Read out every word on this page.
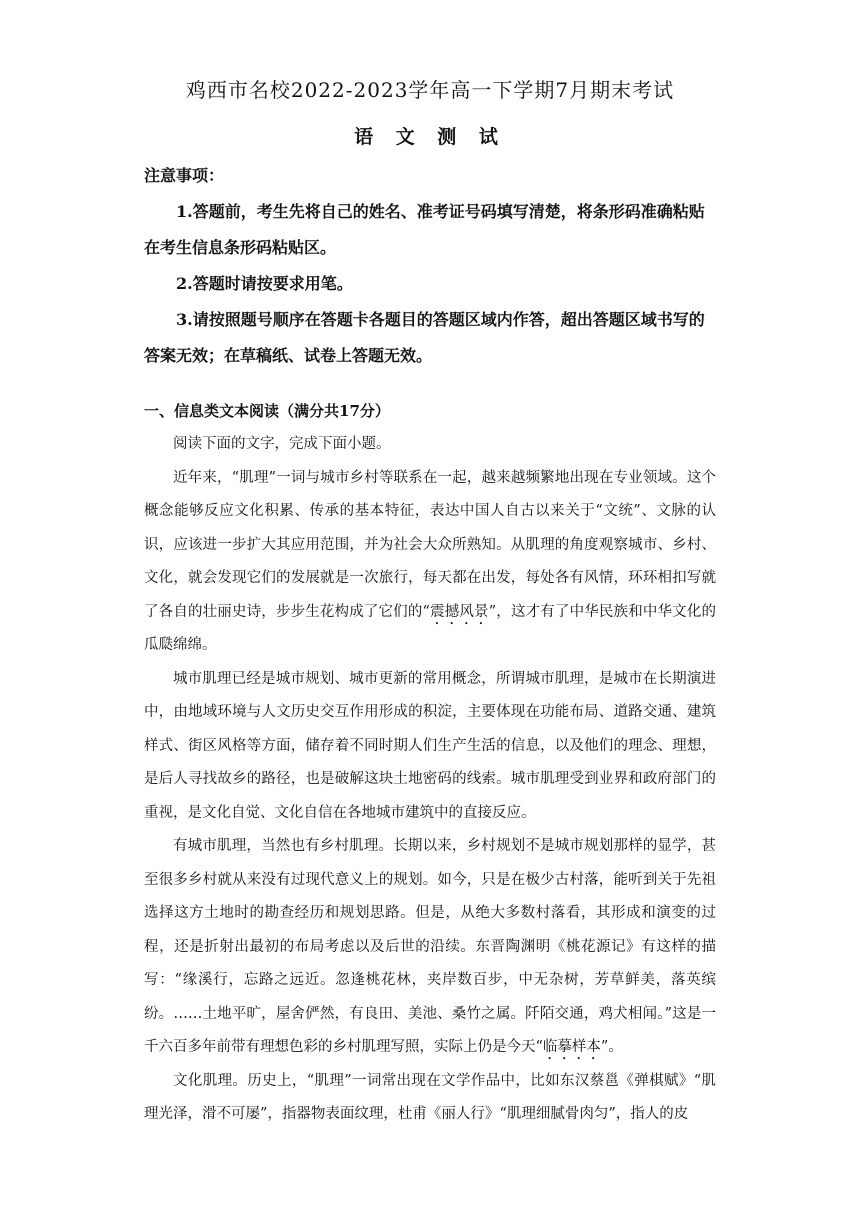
鸡西市名校2022-2023学年高一下学期7月期末考试
语 文 测 试
注意事项：

1.答题前，考生先将自己的姓名、准考证号码填写清楚，将条形码准确粘贴在考生信息条形码粘贴区。

2.答题时请按要求用笔。

3.请按照题号顺序在答题卡各题目的答题区域内作答，超出答题区域书写的答案无效；在草稿纸、试卷上答题无效。

一、信息类文本阅读（满分共17分）

阅读下面的文字，完成下面小题。

近年来，“肌理”一词与城市乡村等联系在一起，越来越频繁地出现在专业领域。这个概念能够反应文化积累、传承的基本特征，表达中国人自古以来关于“文统”、文脉的认识，应该进一步扩大其应用范围，并为社会大众所熟知。从肌理的角度观察城市、乡村、文化，就会发现它们的发展就是一次旅行，每天都在出发，每处各有风情，环环相扣写就了各自的壮丽史诗，步步生花构成了它们的“震撼风景”，这才有了中华民族和中华文化的瓜瓞绵绵。

城市肌理已经是城市规划、城市更新的常用概念，所谓城市肌理，是城市在长期演进中，由地域环境与人文历史交互作用形成的积淀，主要体现在功能布局、道路交通、建筑样式、街区风格等方面，储存着不同时期人们生产生活的信息，以及他们的理念、理想，是后人寻找故乡的路径，也是破解这块土地密码的线索。城市肌理受到业界和政府部门的重视，是文化自觉、文化自信在各地城市建筑中的直接反应。

有城市肌理，当然也有乡村肌理。长期以来，乡村规划不是城市规划那样的显学，甚至很多乡村就从来没有过现代意义上的规划。如今，只是在极少古村落，能听到关于先祖选择这方土地时的勘查经历和规划思路。但是，从绝大多数村落看，其形成和演变的过程，还是折射出最初的布局考虑以及后世的沿续。东晋陶渊明《桃花源记》有这样的描写：“缘溪行，忘路之远近。忽逢桃花林，夹岸数百步，中无杂树，芳草鲜美，落英缤纷。……土地平旷，屋舍俨然，有良田、美池、桑竹之属。阡陌交通，鸡犬相闻。”这是一千六百多年前带有理想色彩的乡村肌理写照，实际上仍是今天“临摹样本”。

文化肌理。历史上，“肌理”一词常出现在文学作品中，比如东汉蔡邕《弹棋赋》“肌理光泽，滑不可屡”，指器物表面纹理，杜甫《丽人行》“肌理细腻骨肉匀”，指人的皮
